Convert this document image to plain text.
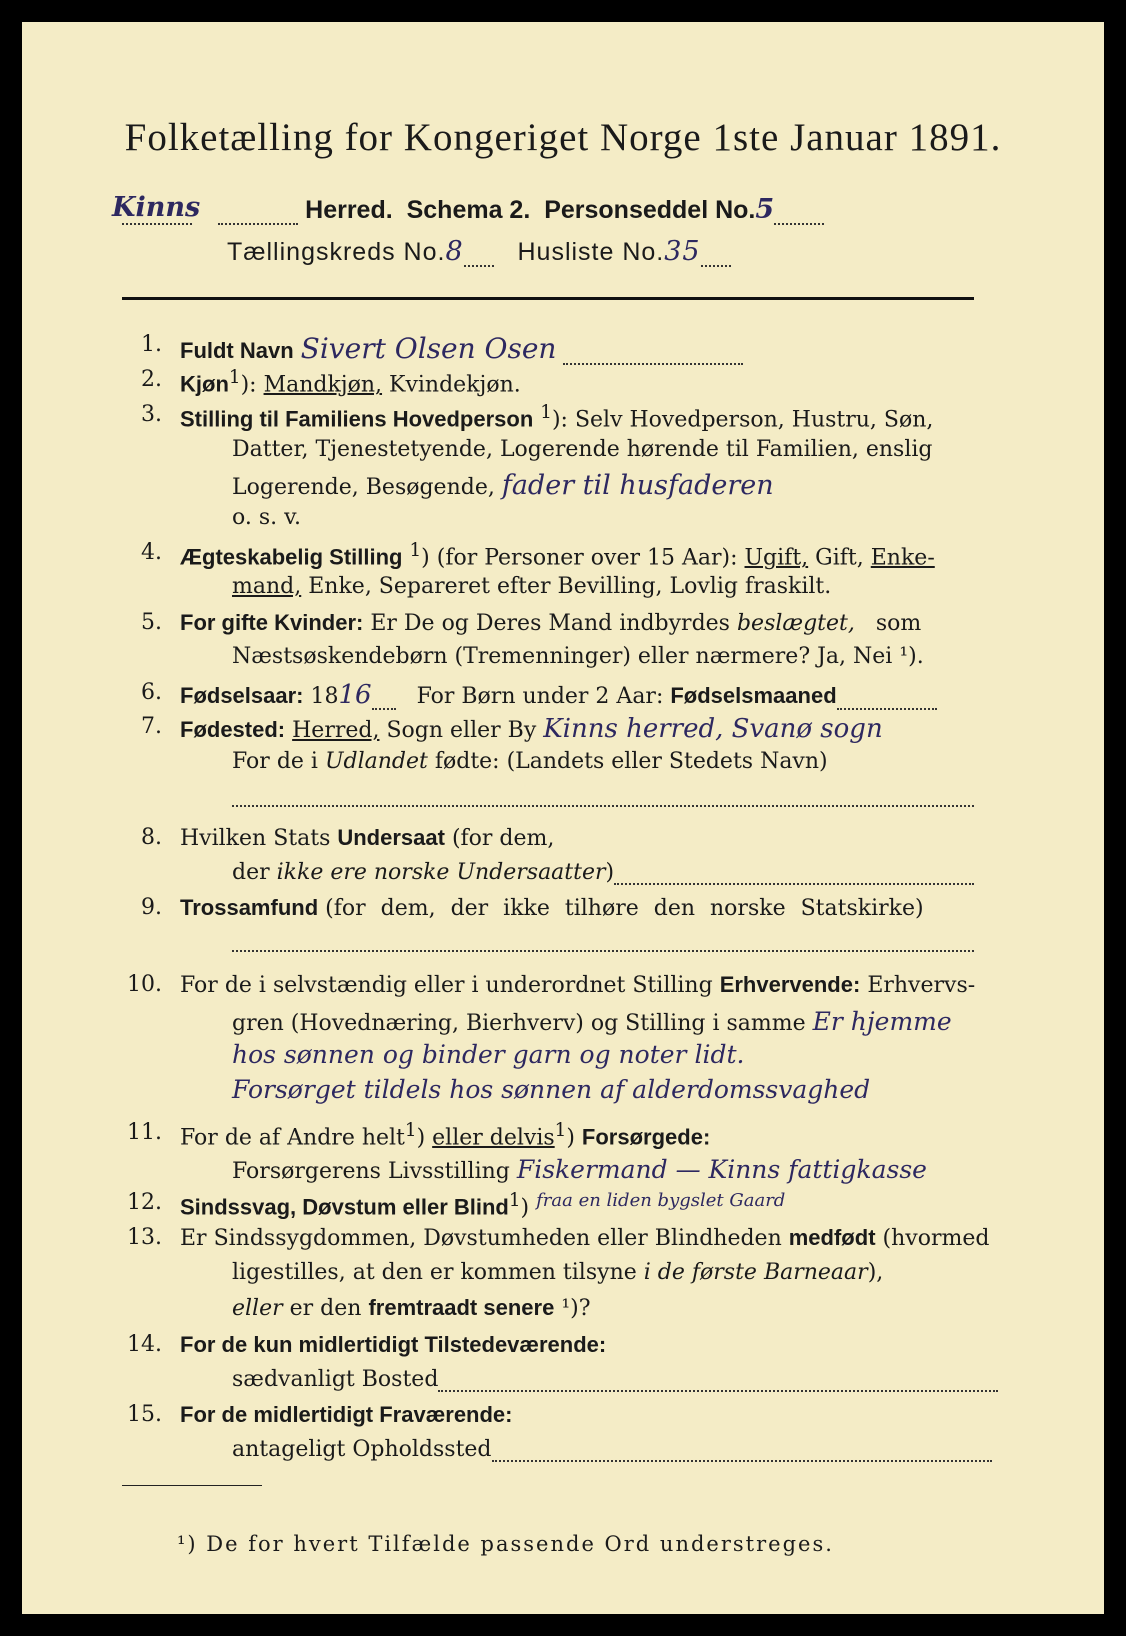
Folketælling for Kongeriget Norge 1ste Januar 1891.
Kinns	Herred. Schema 2. Personseddel No.5
Tællingskreds No.8 Husliste No.35
1. Fuldt Navn Sivert Olsen Osen
2. Kjøn$^1$): Mandkjøn, Kvindekjøn.
3. Stilling til Familiens Hovedperson $^1$): Selv Hovedperson, Hustru, Søn,
Datter, Tjenestetyende, Logerende hørende til Familien, enslig
Logerende, Besøgende, fader til husfaderen
o. s. v.
4. Ægteskabelig Stilling $^1$) (for Personer over 15 Aar): Ugift, Gift, Enke-
mand, Enke, Separeret efter Bevilling, Lovlig fraskilt.
5. For gifte Kvinder: Er De og Deres Mand indbyrdes beslægtet, som
Næstsøskendebørn (Tremenninger) eller nærmere? Ja, Nei ¹).
6. Fødselsaar: 1816 For Børn under 2 Aar: Fødselsmaaned
7. Fødested: Herred, Sogn eller By Kinns herred, Svanø sogn
For de i Udlandet fødte: (Landets eller Stedets Navn)
8. Hvilken Stats Undersaat (for dem,
der ikke ere norske Undersaatter)
9. Trossamfund (for dem, der ikke tilhøre den norske Statskirke)
10. For de i selvstændig eller i underordnet Stilling Erhvervende: Erhvervs-
gren (Hovednæring, Bierhverv) og Stilling i samme Er hjemme
hos sønnen og binder garn og noter lidt.
Forsørget tildels hos sønnen af alderdomssvaghed
11. For de af Andre helt$^1$) eller delvis$^1$) Forsørgede:
Forsørgerens Livsstilling Fiskermand — Kinns fattigkasse
12. Sindssvag, Døvstum eller Blind$^1$) $^{fraa en liden bygslet Gaard}$
13. Er Sindssygdommen, Døvstumheden eller Blindheden medfødt (hvormed
ligestilles, at den er kommen tilsyne i de første Barneaar),
eller er den fremtraadt senere ¹)?
14. For de kun midlertidigt Tilstedeværende:
sædvanligt Bosted
15. For de midlertidigt Fraværende:
antageligt Opholdssted
¹) De for hvert Tilfælde passende Ord understreges.
